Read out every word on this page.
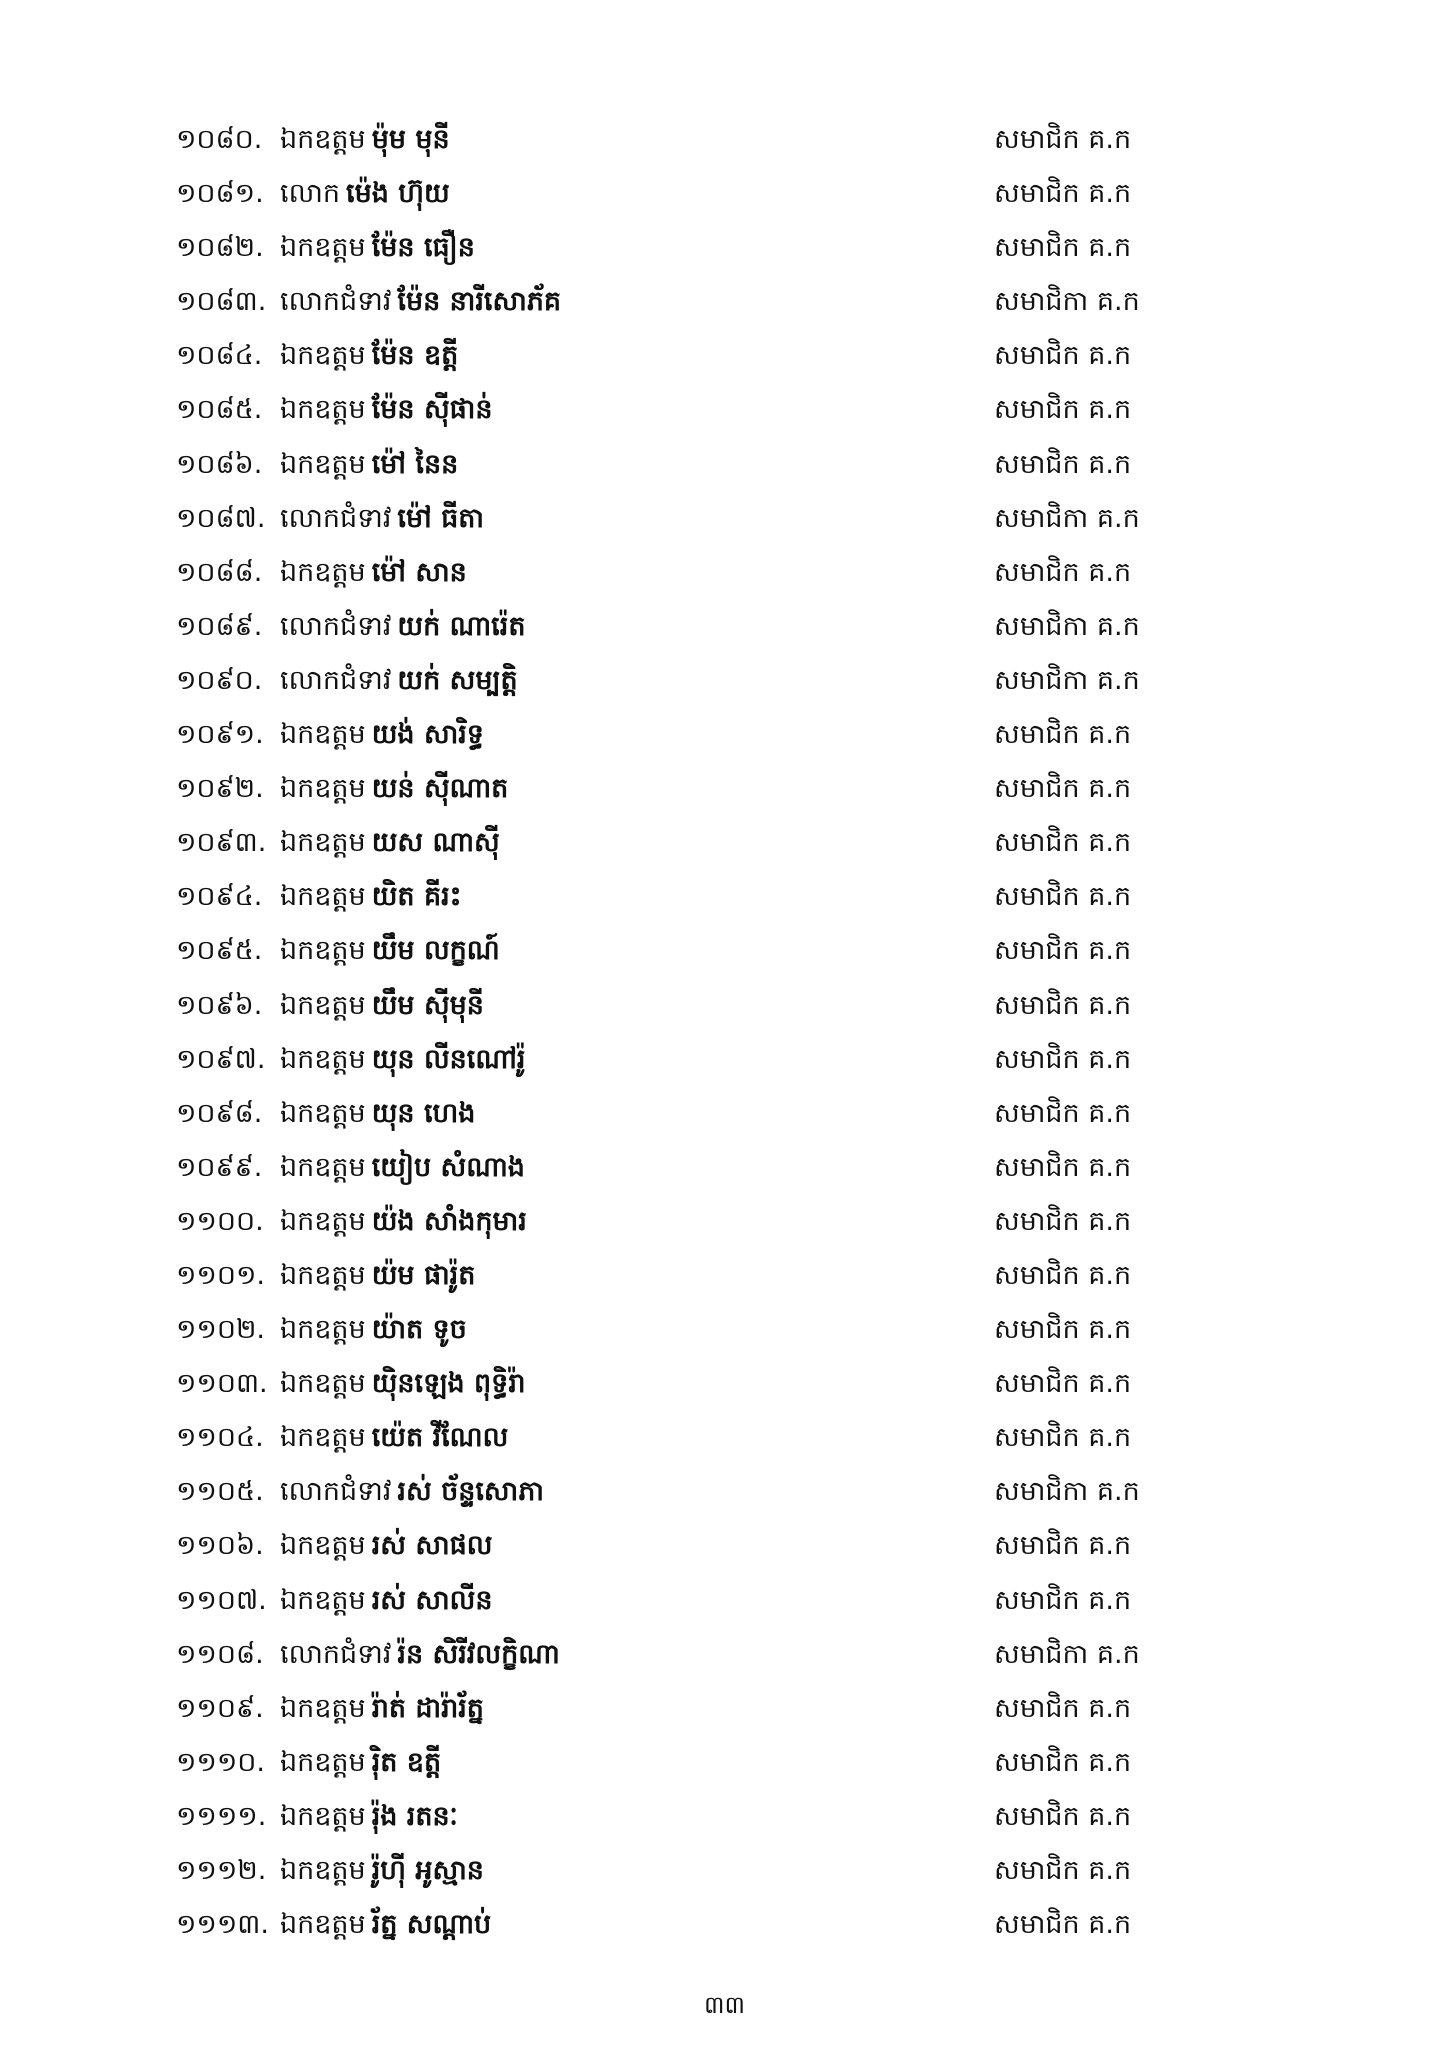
១០៨០. ឯកឧត្តម ម៉ុម មុនី	សមាជិក គ.ក
១០៨១. លោក ម៉េង ហ៊ុយ	សមាជិក គ.ក
១០៨២. ឯកឧត្តម ម៉ែន ធឿន	សមាជិក គ.ក
១០៨៣. លោកជំទាវ ម៉ែន នារីសោភ័គ	សមាជិកា គ.ក
១០៨៤. ឯកឧត្តម ម៉ែន ឧត្តី	សមាជិក គ.ក
១០៨៥. ឯកឧត្តម ម៉ែន ស៊ីផាន់	សមាជិក គ.ក
១០៨៦. ឯកឧត្តម ម៉ៅ នៃន	សមាជិក គ.ក
១០៨៧. លោកជំទាវ ម៉ៅ ធីតា	សមាជិកា គ.ក
១០៨៨. ឯកឧត្តម ម៉ៅ សាន	សមាជិក គ.ក
១០៨៩. លោកជំទាវ យក់ ណារ៉េត	សមាជិកា គ.ក
១០៩០. លោកជំទាវ យក់ សម្បត្តិ	សមាជិកា គ.ក
១០៩១. ឯកឧត្តម យង់ សារិទ្ធ	សមាជិក គ.ក
១០៩២. ឯកឧត្តម យន់ ស៊ីណាត	សមាជិក គ.ក
១០៩៣. ឯកឧត្តម យស ណាស៊ី	សមាជិក គ.ក
១០៩៤. ឯកឧត្តម យិត គីរះ	សមាជិក គ.ក
១០៩៥. ឯកឧត្តម យឹម លក្ខណ៍	សមាជិក គ.ក
១០៩៦. ឯកឧត្តម យឹម ស៊ីមុនី	សមាជិក គ.ក
១០៩៧. ឯកឧត្តម យុន លីនណៅរ៉ូ	សមាជិក គ.ក
១០៩៨. ឯកឧត្តម យុន ហេង	សមាជិក គ.ក
១០៩៩. ឯកឧត្តម យៀប សំណាង	សមាជិក គ.ក
១១០០. ឯកឧត្តម យ៉ង សាំងកុមារ	សមាជិក គ.ក
១១០១. ឯកឧត្តម យ៉ម ផារ៉ូត	សមាជិក គ.ក
១១០២. ឯកឧត្តម យ៉ាត ទូច	សមាជិក គ.ក
១១០៣. ឯកឧត្តម យ៉ិនឡេង ពុទ្ធិរ៉ា	សមាជិក គ.ក
១១០៤. ឯកឧត្តម យ៉េត វីណែល	សមាជិក គ.ក
១១០៥. លោកជំទាវ រស់ ច័ន្ទសោភា	សមាជិកា គ.ក
១១០៦. ឯកឧត្តម រស់ សាផល	សមាជិក គ.ក
១១០៧. ឯកឧត្តម រស់ សាលីន	សមាជិក គ.ក
១១០៨. លោកជំទាវ រ៉ន សិរីវលក្ខិណា	សមាជិកា គ.ក
១១០៩. ឯកឧត្តម រ៉ាត់ ដារ៉ារ័ត្ន	សមាជិក គ.ក
១១១០. ឯកឧត្តម រ៉ិត ឧត្តី	សមាជិក គ.ក
១១១១. ឯកឧត្តម រ៉ុង រតនៈ	សមាជិក គ.ក
១១១២. ឯកឧត្តម រ៉ូហ៊ី អូស្មាន	សមាជិក គ.ក
១១១៣. ឯកឧត្តម រ័ត្ន សណ្ដាប់	សមាជិក គ.ក
៣៣
